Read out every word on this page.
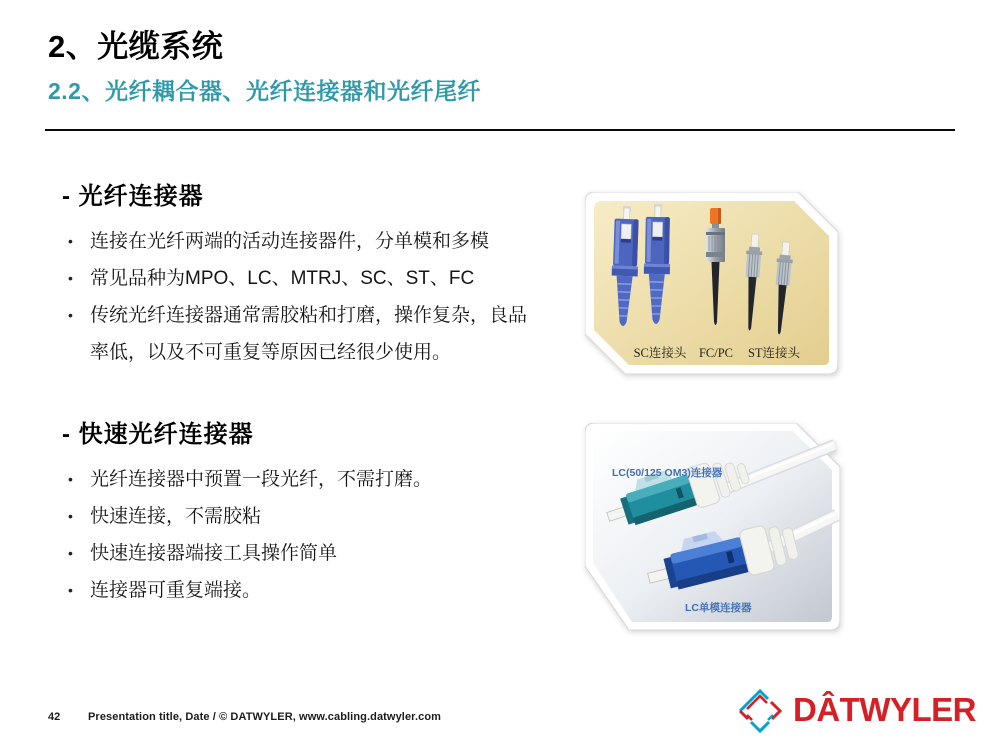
2、光缆系统
2.2、光纤耦合器、光纤连接器和光纤尾纤
- 光纤连接器
• 连接在光纤两端的活动连接器件，分单模和多模
• 常见品种为MPO、LC、MTRJ、SC、ST、FC
• 传统光纤连接器通常需胶粘和打磨，操作复杂，良品率低，以及不可重复等原因已经很少使用。
- 快速光纤连接器
• 光纤连接器中预置一段光纤，不需打磨。
• 快速连接，不需胶粘
• 快速连接器端接工具操作简单
• 连接器可重复端接。
SC连接头 FC/PC ST连接头
LC(50/125 OM3)连接器
LC单模连接器
42	Presentation title, Date / © DATWYLER, www.cabling.datwyler.com	DÂTWYLER
